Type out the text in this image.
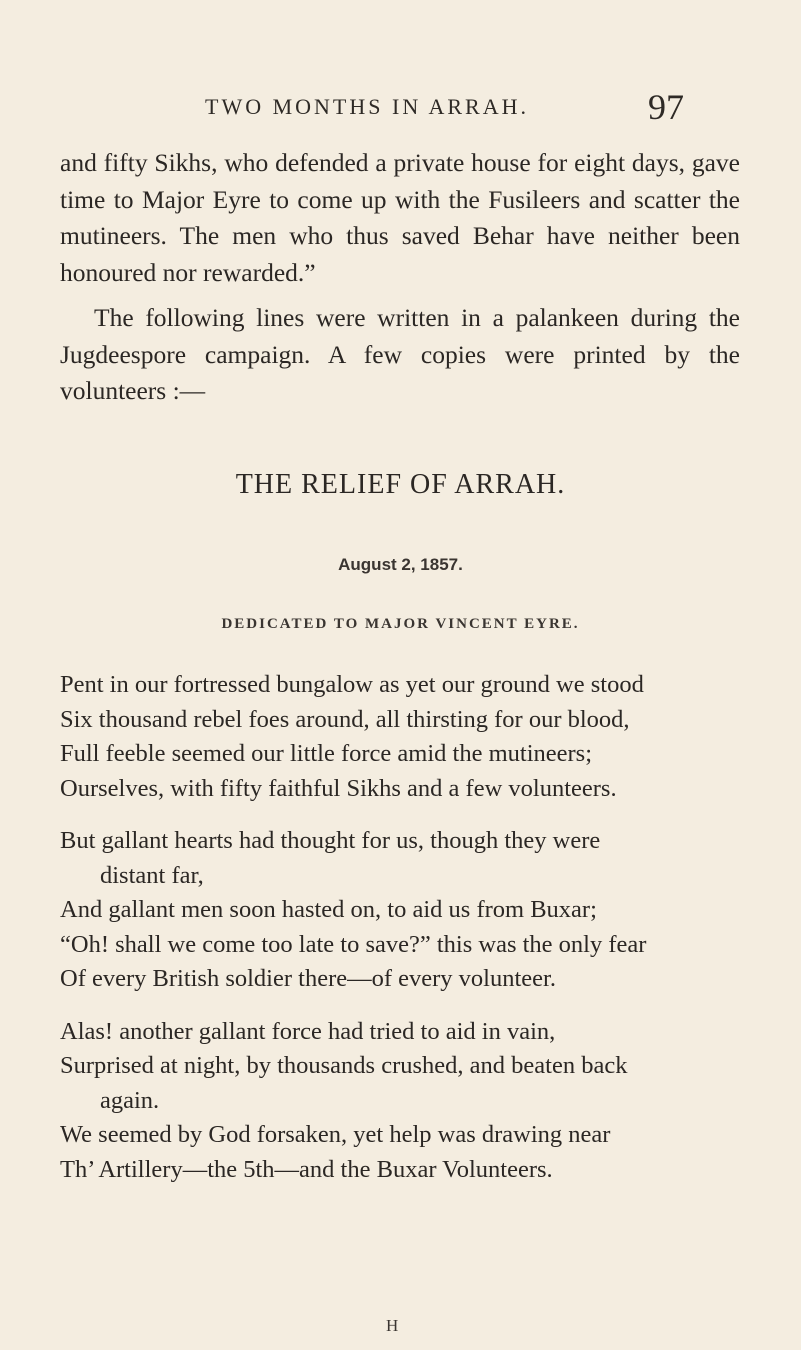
TWO MONTHS IN ARRAH.	97

and fifty Sikhs, who defended a private house for eight days, gave time to Major Eyre to come up with the Fusileers and scatter the mutineers. The men who thus saved Behar have neither been honoured nor rewarded.”

The following lines were written in a palankeen during the Jugdeespore campaign. A few copies were printed by the volunteers :—

THE RELIEF OF ARRAH.
August 2, 1857.
DEDICATED TO MAJOR VINCENT EYRE.
Pent in our fortressed bungalow as yet our ground we stood
Six thousand rebel foes around, all thirsting for our blood,
Full feeble seemed our little force amid the mutineers;
Ourselves, with fifty faithful Sikhs and a few volunteers.
But gallant hearts had thought for us, though they were
distant far,
And gallant men soon hasted on, to aid us from Buxar;
“Oh! shall we come too late to save?” this was the only fear
Of every British soldier there—of every volunteer.
Alas! another gallant force had tried to aid in vain,
Surprised at night, by thousands crushed, and beaten back
again.
We seemed by God forsaken, yet help was drawing near
Th’ Artillery—the 5th—and the Buxar Volunteers.
H
